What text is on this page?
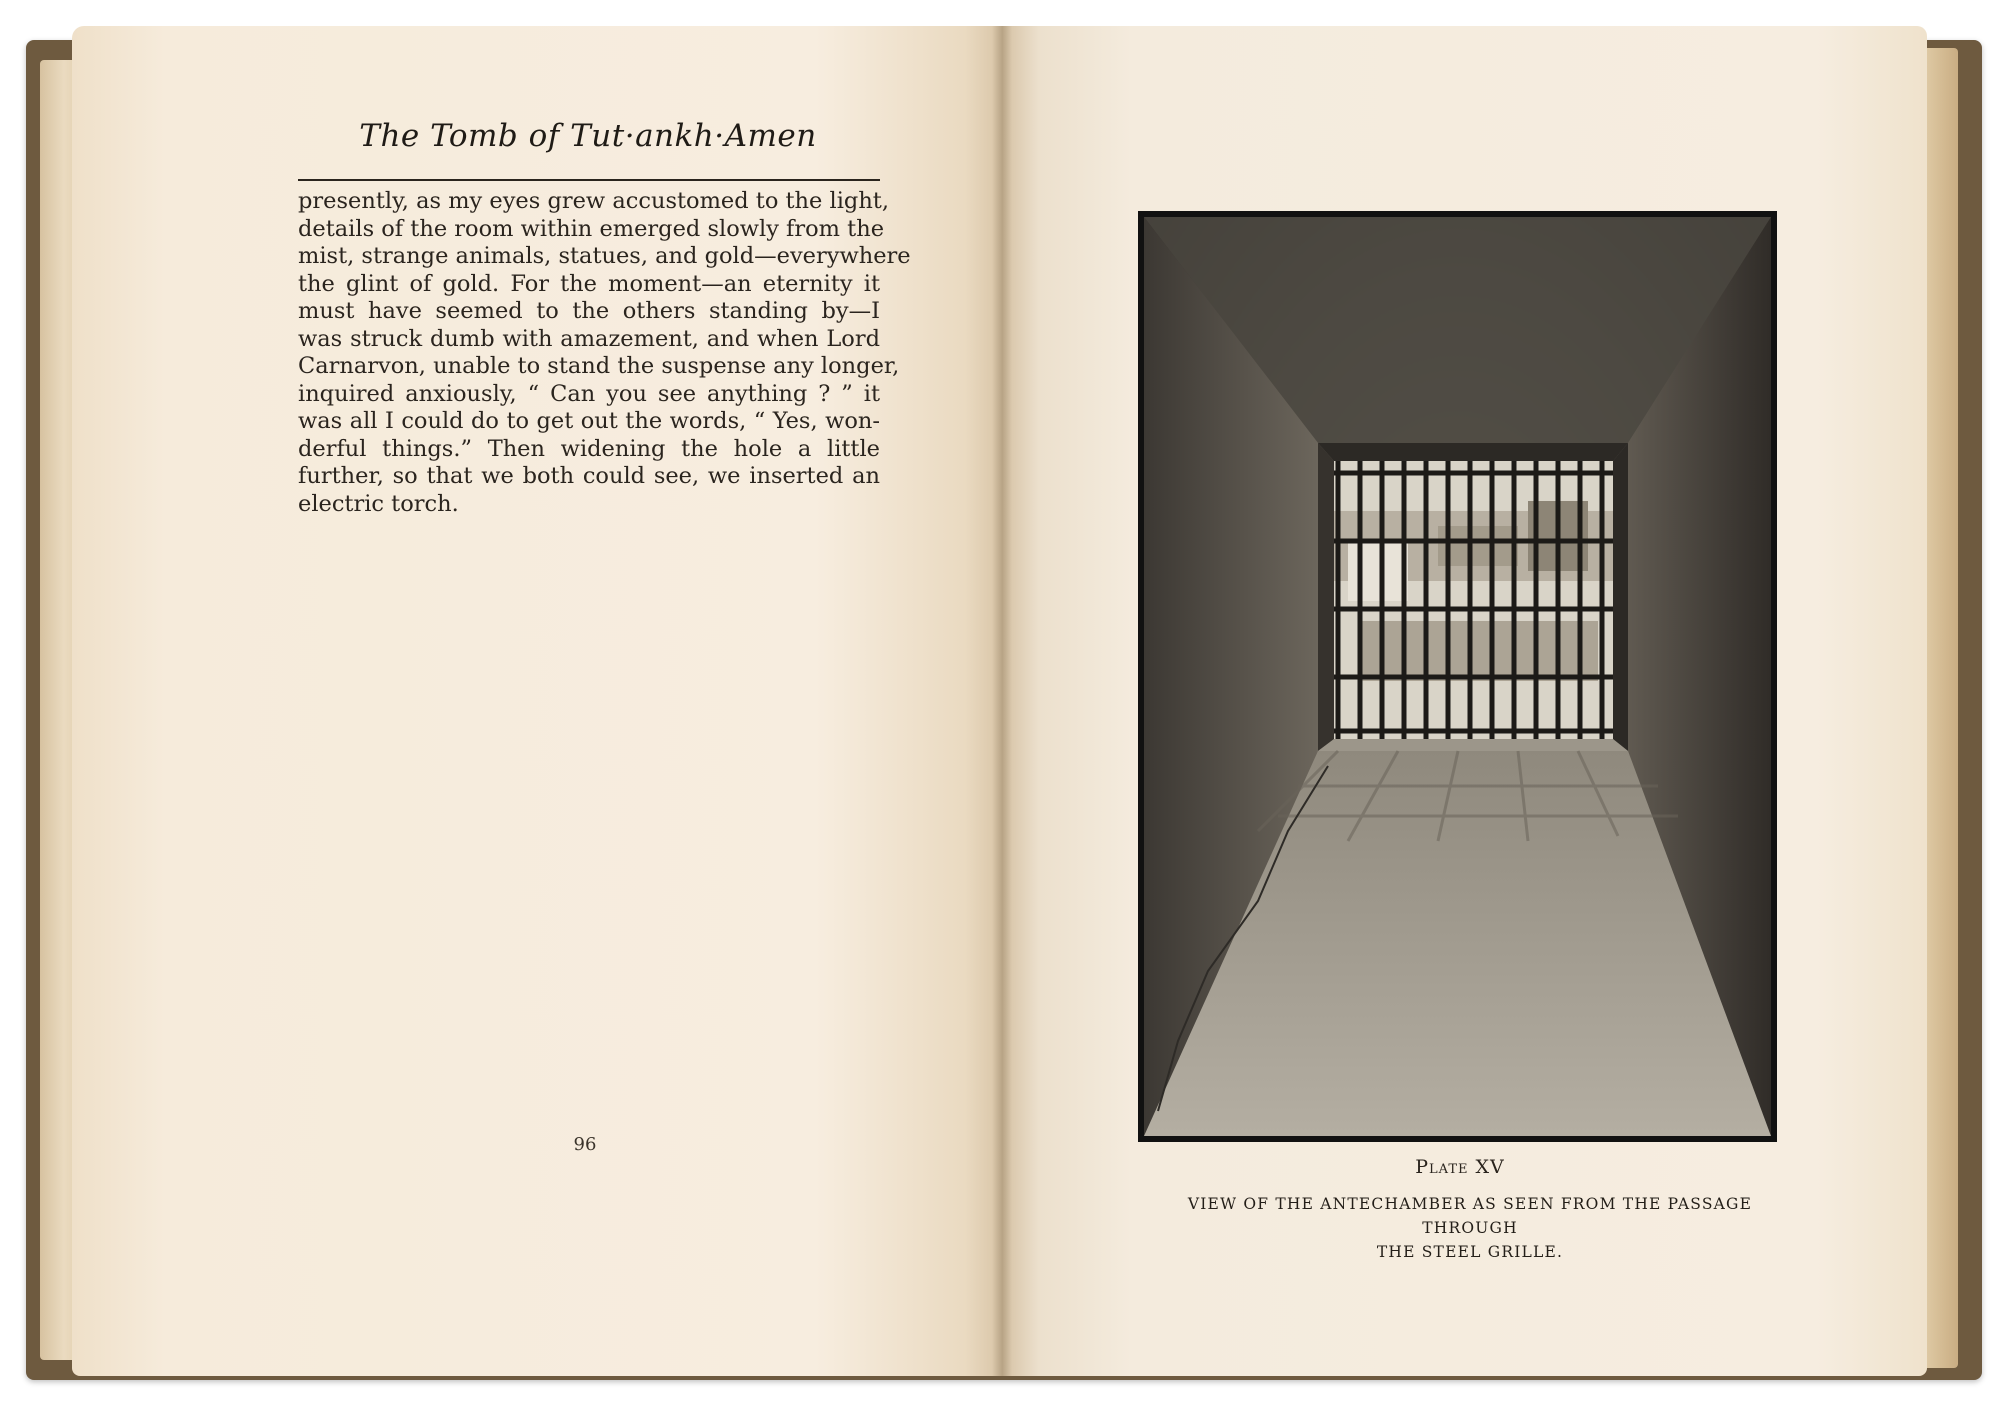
The Tomb of Tut·ankh·Amen
presently, as my eyes grew accustomed to the light,
details of the room within emerged slowly from the
mist, strange animals, statues, and gold—everywhere
the glint of gold. For the moment—an eternity it
must have seemed to the others standing by—I
was struck dumb with amazement, and when Lord
Carnarvon, unable to stand the suspense any longer,
inquired anxiously, “ Can you see anything ? ” it
was all I could do to get out the words, “ Yes, won-
derful things.” Then widening the hole a little
further, so that we both could see, we inserted an
electric torch.
96
Plate XV
VIEW OF THE ANTECHAMBER AS SEEN FROM THE PASSAGE THROUGH
THE STEEL GRILLE.
